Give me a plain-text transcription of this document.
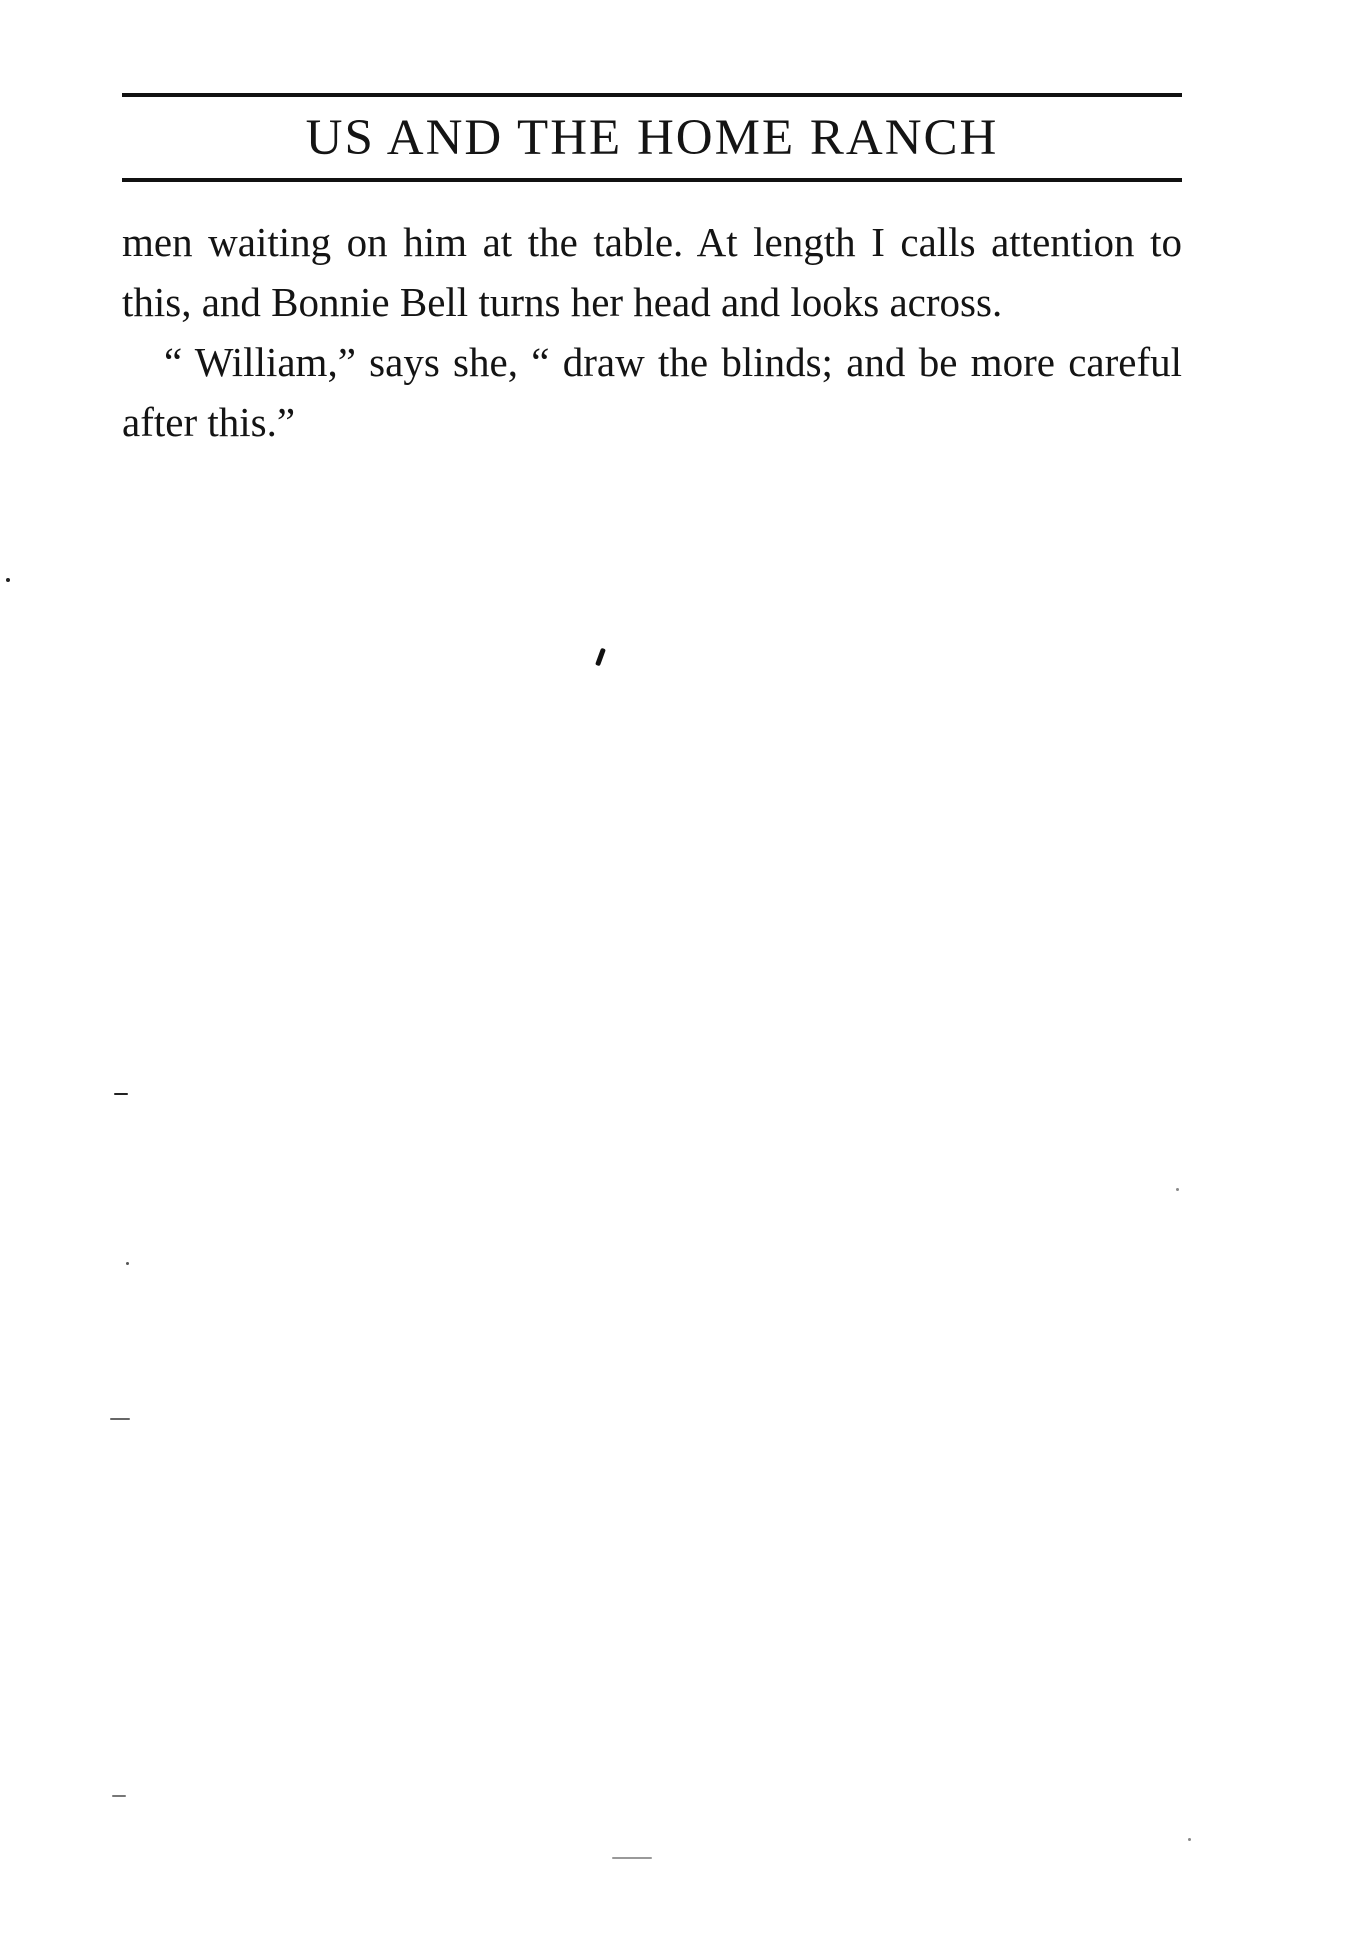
US AND THE HOME RANCH

men waiting on him at the table. At length I calls attention to this, and Bonnie Bell turns her head and looks across.

“ William,” says she, “ draw the blinds; and be more careful after this.”
